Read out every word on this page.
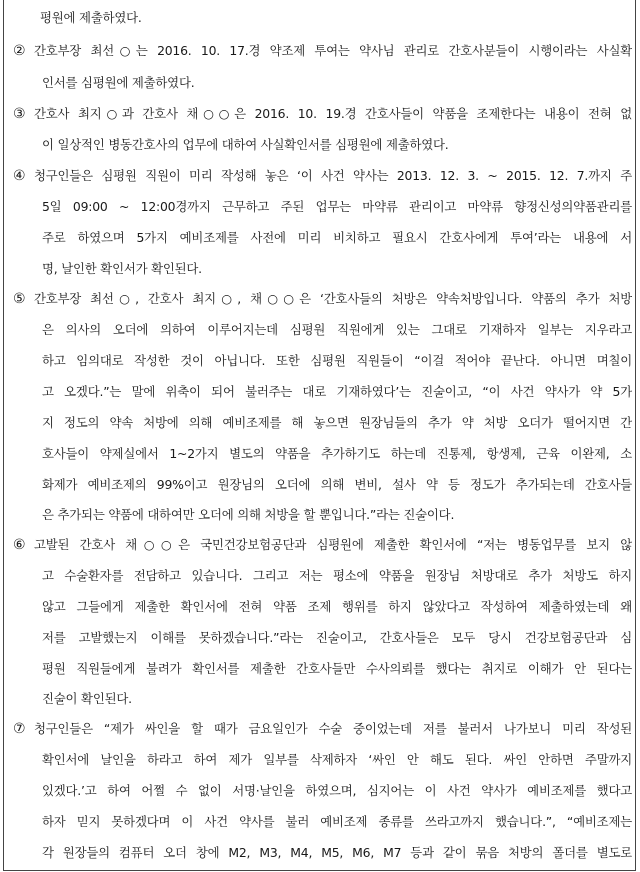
평원에 제출하였다.
② 간호부장 최선○는 2016. 10. 17.경 약조제 투여는 약사님 관리로 간호사분들이 시행이라는 사실확
인서를 심평원에 제출하였다.
③ 간호사 최지○과 간호사 채○○은 2016. 10. 19.경 간호사들이 약품을 조제한다는 내용이 전혀 없
이 일상적인 병동간호사의 업무에 대하여 사실확인서를 심평원에 제출하였다.
④ 청구인들은 심평원 직원이 미리 작성해 놓은 ‘이 사건 약사는 2013. 12. 3. ~ 2015. 12. 7.까지 주
5일 09:00 ~ 12:00경까지 근무하고 주된 업무는 마약류 관리이고 마약류 향정신성의약품관리를
주로 하였으며 5가지 예비조제를 사전에 미리 비치하고 필요시 간호사에게 투여’라는 내용에 서
명, 날인한 확인서가 확인된다.
⑤ 간호부장 최선○, 간호사 최지○, 채○○은 ‘간호사들의 처방은 약속처방입니다. 약품의 추가 처방
은 의사의 오더에 의하여 이루어지는데 심평원 직원에게 있는 그대로 기재하자 일부는 지우라고
하고 임의대로 작성한 것이 아닙니다. 또한 심평원 직원들이 “이걸 적어야 끝난다. 아니면 며칠이
고 오겠다.”는 말에 위축이 되어 불러주는 대로 기재하였다’는 진술이고, “이 사건 약사가 약 5가
지 정도의 약속 처방에 의해 예비조제를 해 놓으면 원장님들의 추가 약 처방 오더가 떨어지면 간
호사들이 약제실에서 1~2가지 별도의 약품을 추가하기도 하는데 진통제, 항생제, 근육 이완제, 소
화제가 예비조제의 99%이고 원장님의 오더에 의해 변비, 설사 약 등 정도가 추가되는데 간호사들
은 추가되는 약품에 대하여만 오더에 의해 처방을 할 뿐입니다.”라는 진술이다.
⑥ 고발된 간호사 채○○은 국민건강보험공단과 심평원에 제출한 확인서에 “저는 병동업무를 보지 않
고 수술환자를 전담하고 있습니다. 그리고 저는 평소에 약품을 원장님 처방대로 추가 처방도 하지
않고 그들에게 제출한 확인서에 전혀 약품 조제 행위를 하지 않았다고 작성하여 제출하였는데 왜
저를 고발했는지 이해를 못하겠습니다.”라는 진술이고, 간호사들은 모두 당시 건강보험공단과 심
평원 직원들에게 불려가 확인서를 제출한 간호사들만 수사의뢰를 했다는 취지로 이해가 안 된다는
진술이 확인된다.
⑦ 청구인들은 “제가 싸인을 할 때가 금요일인가 수술 중이었는데 저를 불러서 나가보니 미리 작성된
확인서에 날인을 하라고 하여 제가 일부를 삭제하자 ‘싸인 안 해도 된다. 싸인 안하면 주말까지
있겠다.’고 하여 어쩔 수 없이 서명·날인을 하였으며, 심지어는 이 사건 약사가 예비조제를 했다고
하자 믿지 못하겠다며 이 사건 약사를 불러 예비조제 종류를 쓰라고까지 했습니다.”, “예비조제는
각 원장들의 컴퓨터 오더 창에 M2, M3, M4, M5, M6, M7 등과 같이 묶음 처방의 폴더를 별도로
